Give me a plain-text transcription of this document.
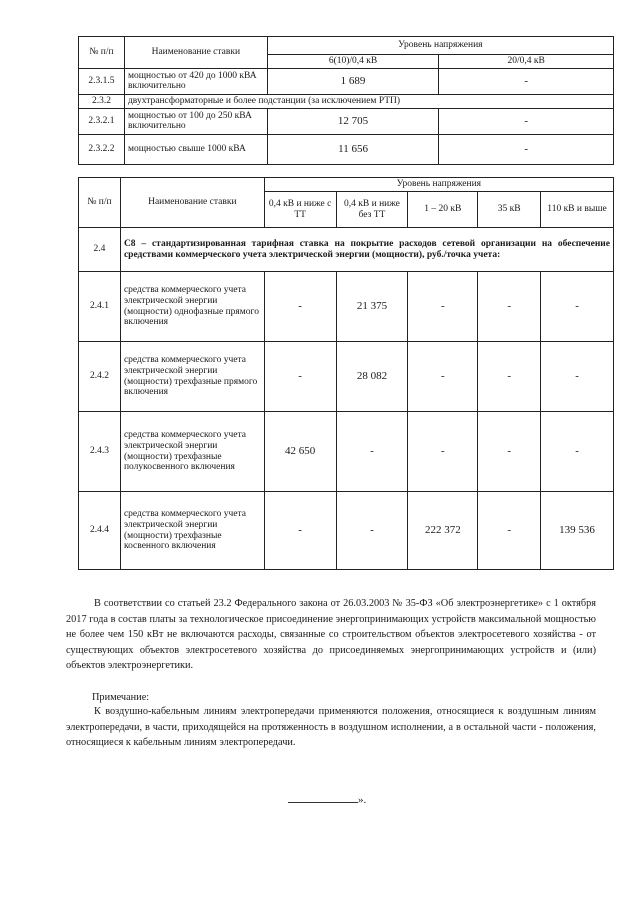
№ п/п	Наименование ставки	Уровень напряжения	
		6(10)/0,4 кВ	20/0,4 кВ
2.3.1.5	мощностью от 420 до 1000 кВА включительно	1 689	-
2.3.2	двухтрансформаторные и более подстанции (за исключением РТП)		
2.3.2.1	мощностью от 100 до 250 кВА включительно	12 705	-
2.3.2.2	мощностью свыше 1000 кВА	11 656	-
№ п/п	Наименование ставки	Уровень напряжения				
		0,4 кВ и ниже с ТТ	0,4 кВ и ниже без ТТ	1 – 20 кВ	35 кВ	110 кВ и выше
2.4	С8 – стандартизированная тарифная ставка на покрытие расходов сетевой организации на обеспечение средствами коммерческого учета электрической энергии (мощности), руб./точка учета:					
2.4.1	средства коммерческого учета электрической энергии (мощности) однофазные прямого включения	-	21 375	-	-	-
2.4.2	средства коммерческого учета электрической энергии (мощности) трехфазные прямого включения	-	28 082	-	-	-
2.4.3	средства коммерческого учета электрической энергии (мощности) трехфазные полукосвенного включения	42 650	-	-	-	-
2.4.4	средства коммерческого учета электрической энергии (мощности) трехфазные косвенного включения	-	-	222 372	-	139 536
В соответствии со статьей 23.2 Федерального закона от 26.03.2003 № 35-ФЗ «Об электроэнергетике» с 1 октября 2017 года в состав платы за технологическое присоединение энергопринимающих устройств максимальной мощностью не более чем 150 кВт не включаются расходы, связанные со строительством объектов электросетевого хозяйства - от существующих объектов электросетевого хозяйства до присоединяемых энергопринимающих устройств и (или) объектов электроэнергетики.
Примечание:
К воздушно-кабельным линиям электропередачи применяются положения, относящиеся к воздушным линиям электропередачи, в части, приходящейся на протяженность в воздушном исполнении, а в остальной части - положения, относящиеся к кабельным линиям электропередачи.
».
